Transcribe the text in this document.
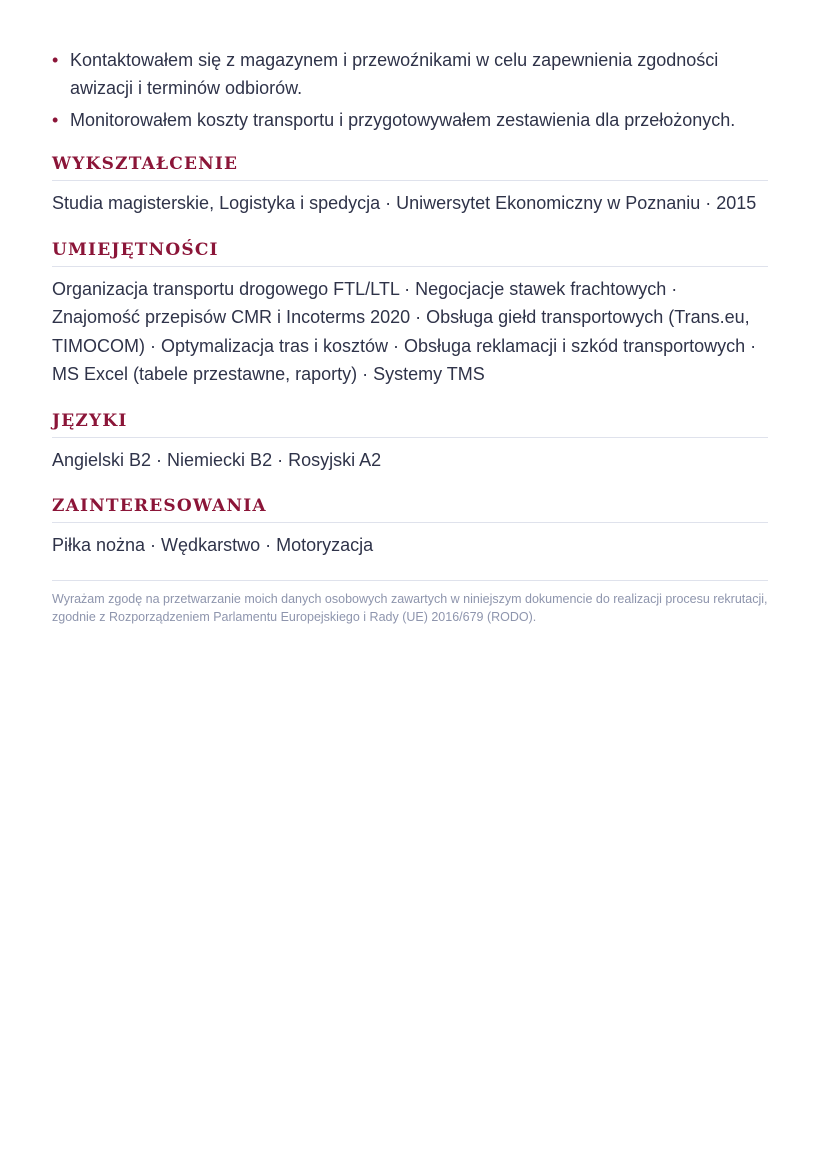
• Kontaktowałem się z magazynem i przewoźnikami w celu zapewnienia zgodności awizacji i terminów odbiorów.
• Monitorowałem koszty transportu i przygotowywałem zestawienia dla przełożonych.
WYKSZTAŁCENIE
Studia magisterskie, Logistyka i spedycja · Uniwersytet Ekonomiczny w Poznaniu · 2015
UMIEJĘTNOŚCI
Organizacja transportu drogowego FTL/LTL · Negocjacje stawek frachtowych · Znajomość przepisów CMR i Incoterms 2020 · Obsługa giełd transportowych (Trans.eu, TIMOCOM) · Optymalizacja tras i kosztów · Obsługa reklamacji i szkód transportowych · MS Excel (tabele przestawne, raporty) · Systemy TMS
JĘZYKI
Angielski B2 · Niemiecki B2 · Rosyjski A2
ZAINTERESOWANIA
Piłka nożna · Wędkarstwo · Motoryzacja
Wyrażam zgodę na przetwarzanie moich danych osobowych zawartych w niniejszym dokumencie do realizacji procesu rekrutacji, zgodnie z Rozporządzeniem Parlamentu Europejskiego i Rady (UE) 2016/679 (RODO).
